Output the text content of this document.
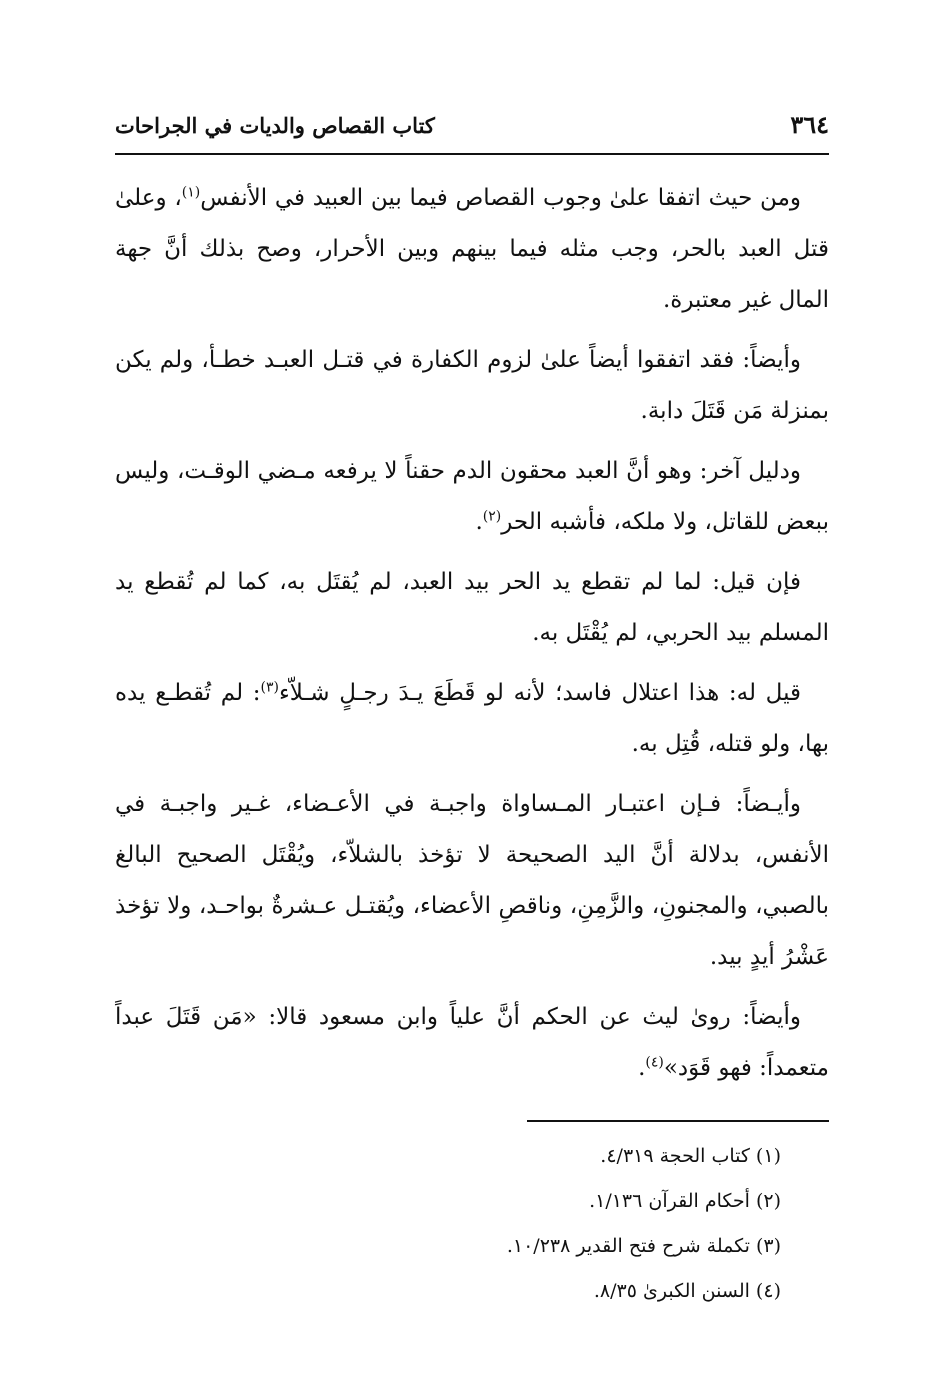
٣٦٤
كتاب القصاص والديات في الجراحات

ومن حيث اتفقا علىٰ وجوب القصاص فيما بين العبيد في الأنفس$^{(١)}$، وعلىٰ قتل العبد بالحر، وجب مثله فيما بينهم وبين الأحرار، وصح بذلك أنَّ جهة المال غير معتبرة.

وأيضاً: فقد اتفقوا أيضاً علىٰ لزوم الكفارة في قتـل العبـد خطـأ، ولم يكن بمنزلة مَن قَتَلَ دابة.

ودليل آخر: وهو أنَّ العبد محقون الدم حقناً لا يرفعه مـضي الوقـت، وليس ببعض للقاتل، ولا ملكه، فأشبه الحر$^{(٢)}$.

فإن قيل: لما لم تقطع يد الحر بيد العبد، لم يُقتَل به، كما لم تُقطع يد المسلم بيد الحربي، لم يُقْتَل به.

قيل له: هذا اعتلال فاسد؛ لأنه لو قَطَعَ يـدَ رجـلٍ شـلاّء$^{(٣)}$: لم تُقطـع يده بها، ولو قتله، قُتِل به.

وأيـضاً: فـإن اعتبـار المـساواة واجبـة في الأعـضاء، غـير واجبـة في الأنفس، بدلالة أنَّ اليد الصحيحة لا تؤخذ بالشلاّء، ويُقْتَل الصحيح البالغ بالصبي، والمجنونِ، والزَّمِنِ، وناقصِ الأعضاء، ويُقتـل عـشرةٌ بواحـد، ولا تؤخذ عَشْرُ أيدٍ بيد.

وأيضاً: روىٰ ليث عن الحكم أنَّ علياً وابن مسعود قالا: «مَن قَتَلَ عبداً متعمداً: فهو قَوَد»$^{(٤)}$.

(١) كتاب الحجة ٤/٣١٩.
(٢) أحكام القرآن ١/١٣٦.
(٣) تكملة شرح فتح القدير ١٠/٢٣٨.
(٤) السنن الكبرىٰ ٨/٣٥.
